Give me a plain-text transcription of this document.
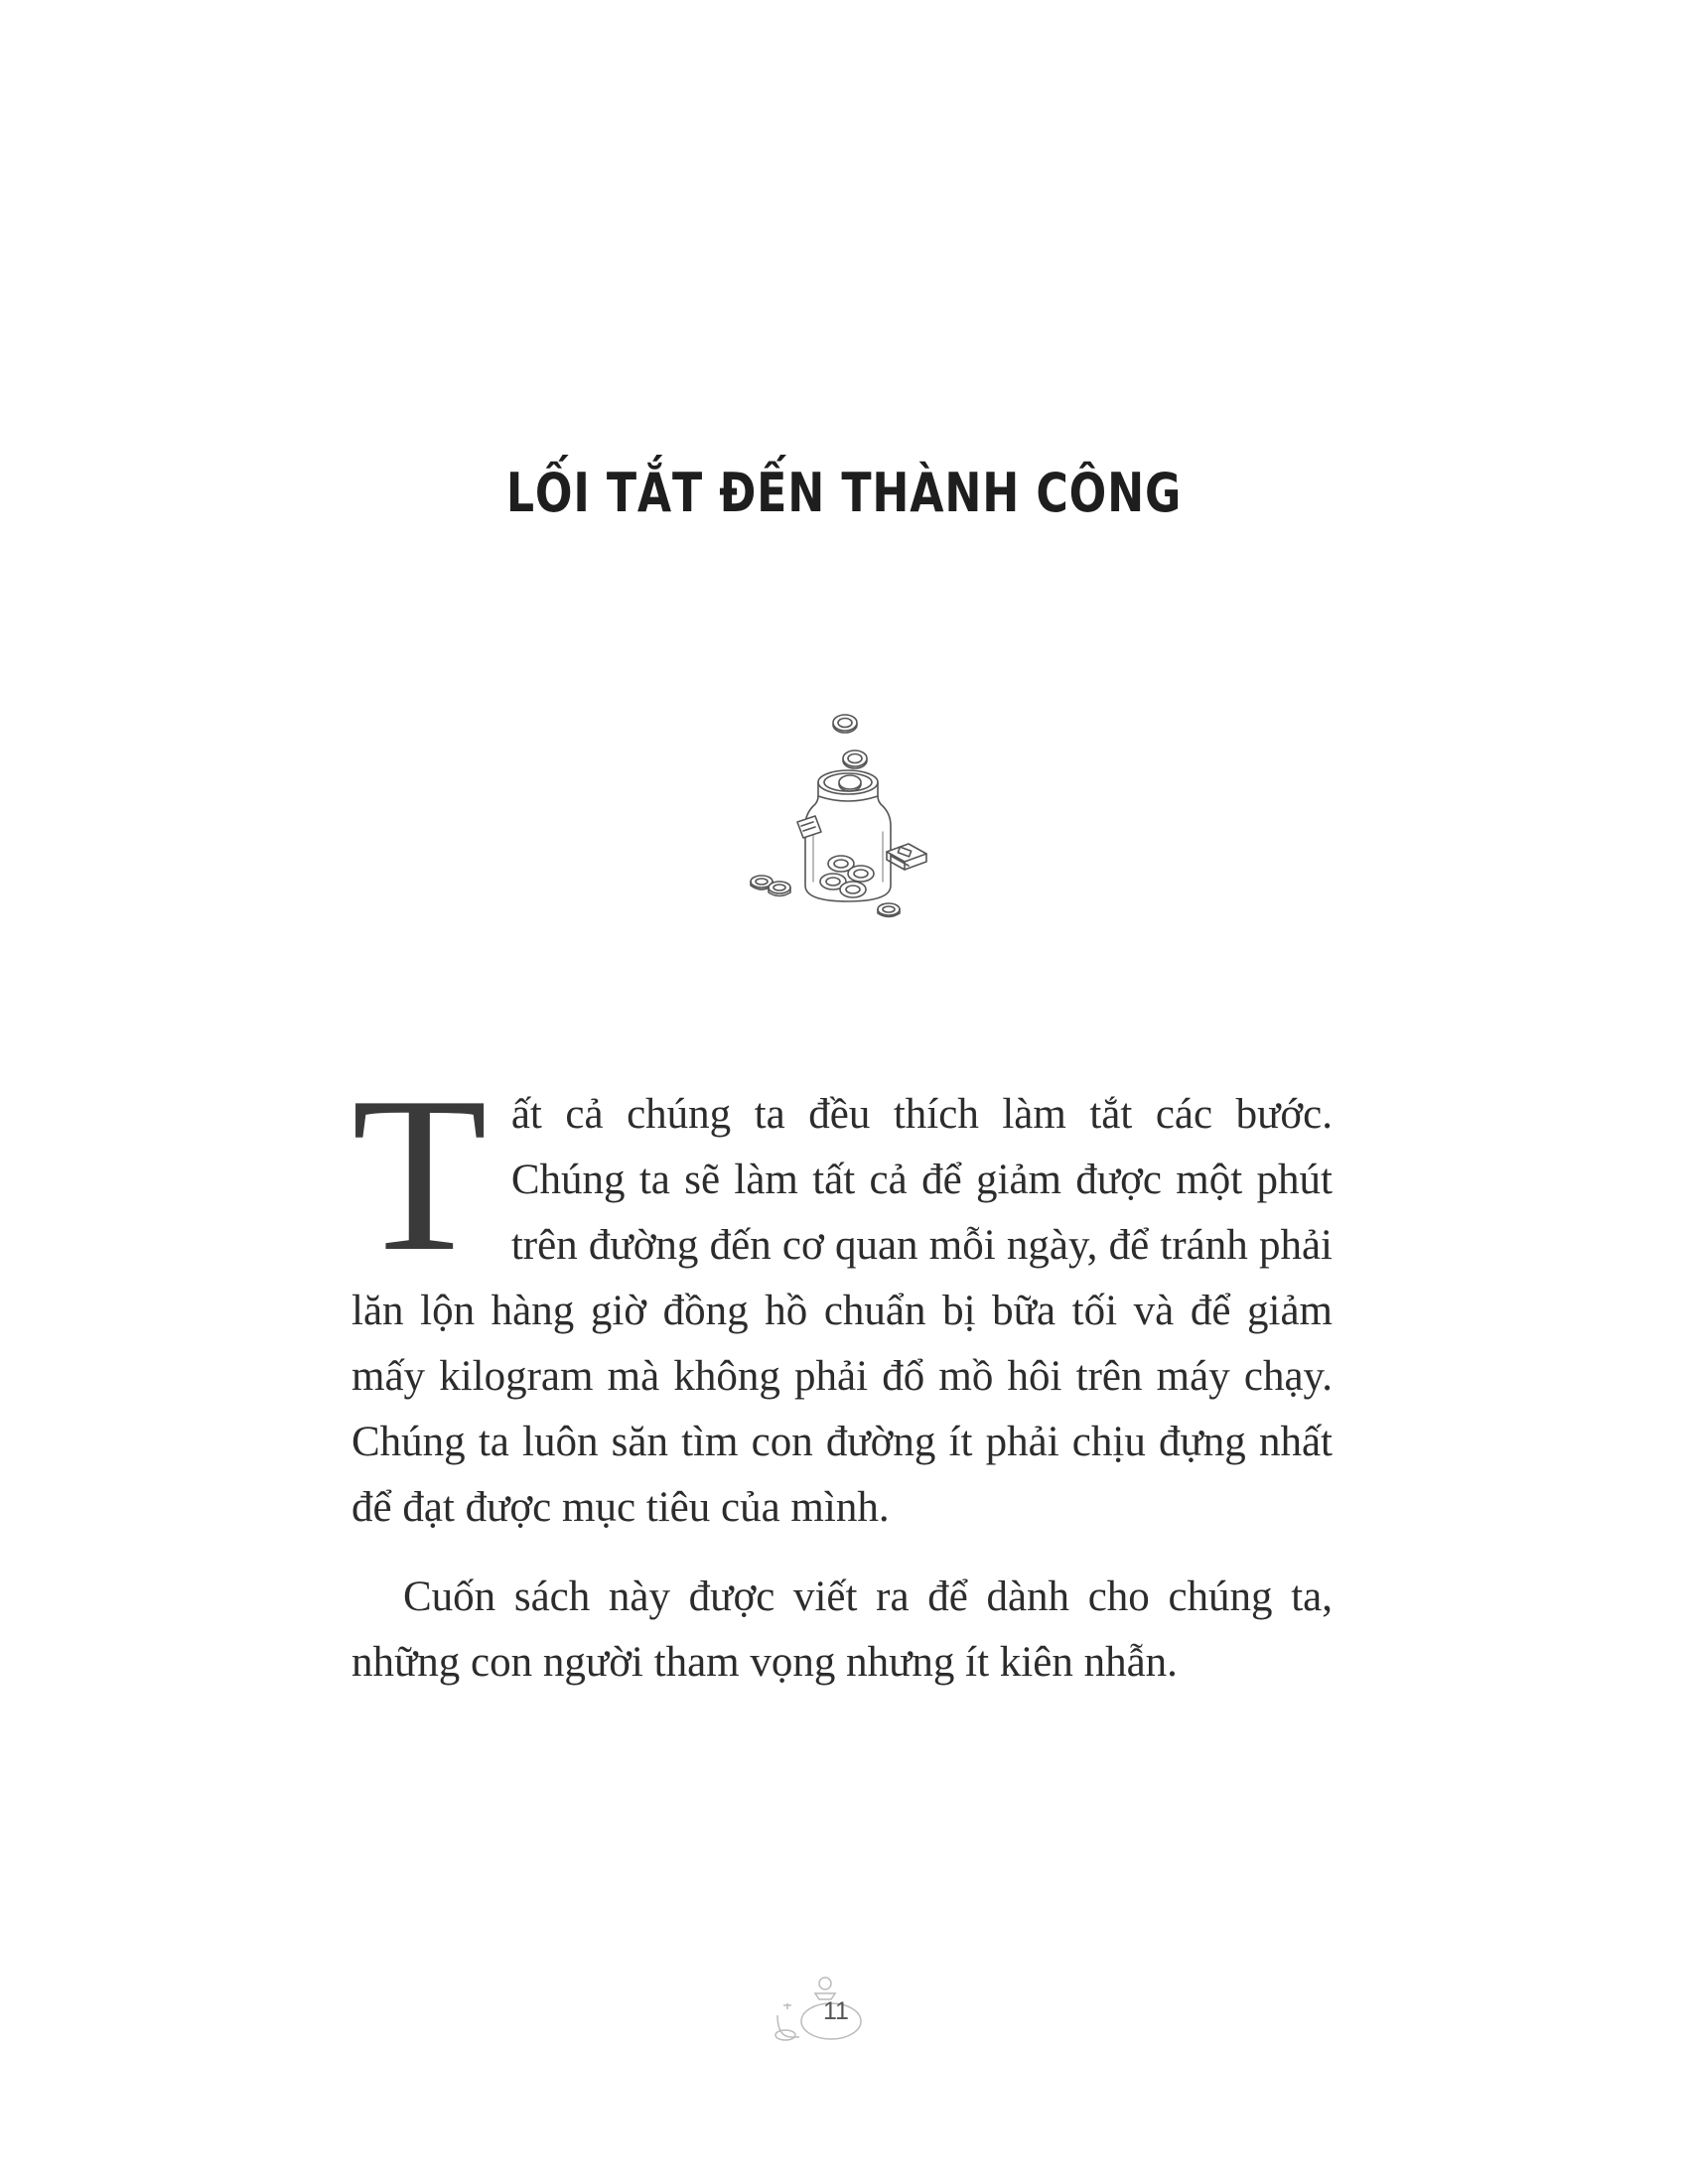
LỐI TẮT ĐẾN THÀNH CÔNG

Tất cả chúng ta đều thích làm tắt các bước. Chúng ta sẽ làm tất cả để giảm được một phút trên đường đến cơ quan mỗi ngày, để tránh phải lăn lộn hàng giờ đồng hồ chuẩn bị bữa tối và để giảm mấy kilogram mà không phải đổ mồ hôi trên máy chạy. Chúng ta luôn săn tìm con đường ít phải chịu đựng nhất để đạt được mục tiêu của mình.

Cuốn sách này được viết ra để dành cho chúng ta, những con người tham vọng nhưng ít kiên nhẫn.

11
